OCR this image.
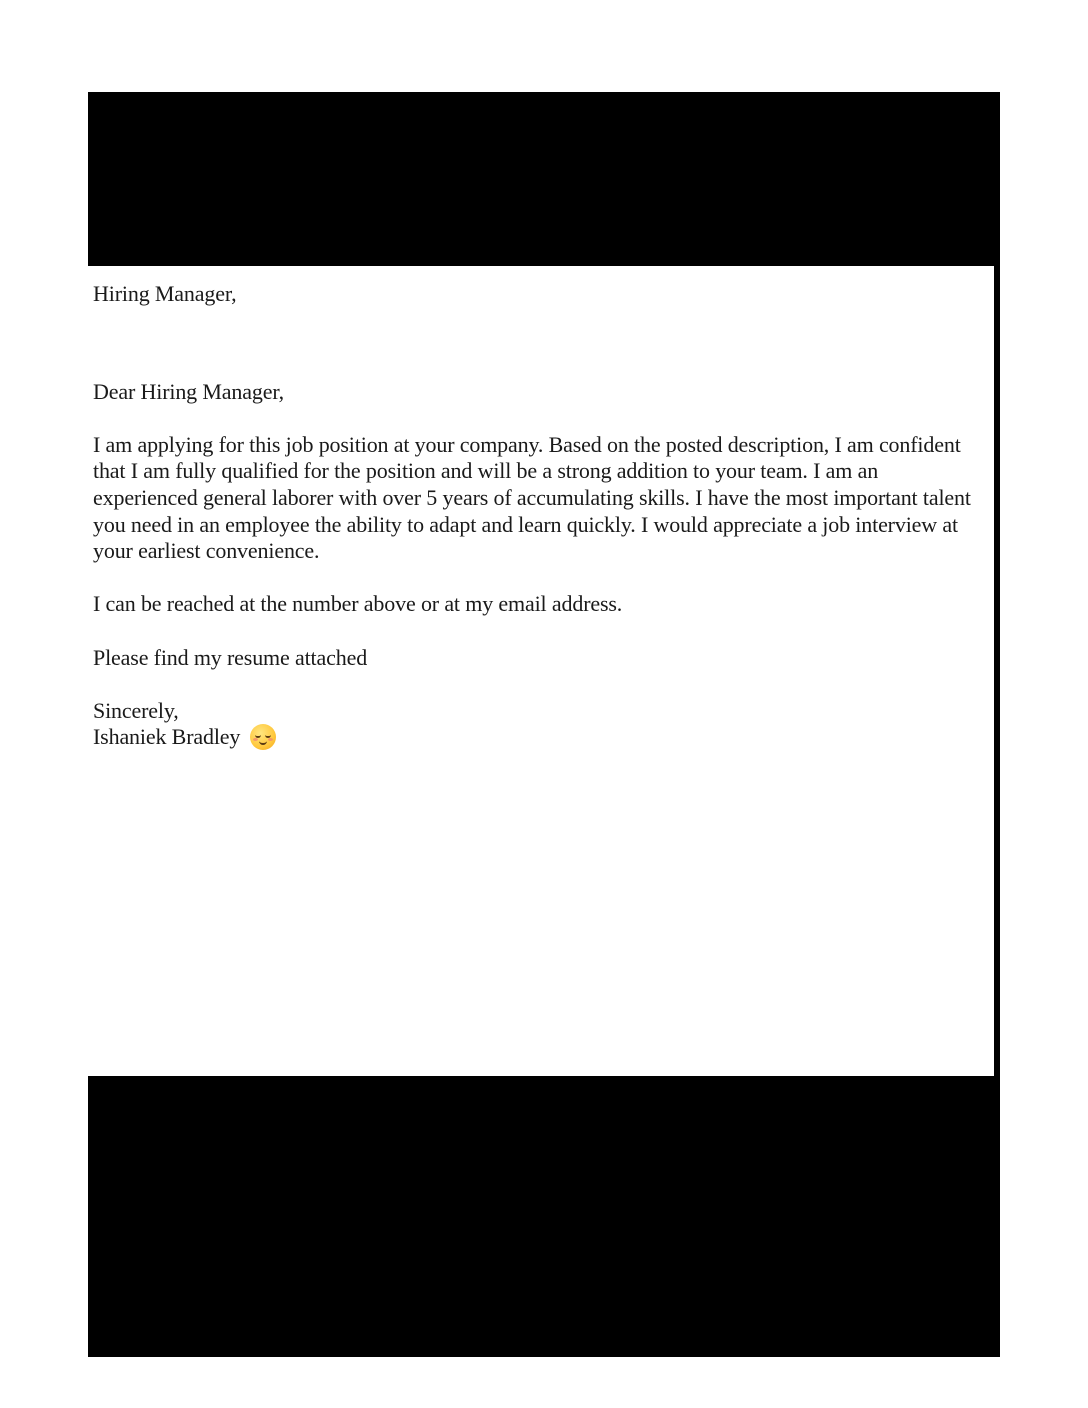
Hiring Manager,

Dear Hiring Manager,

I am applying for this job position at your company. Based on the posted description, I am confident that I am fully qualified for the position and will be a strong addition to your team. I am an experienced general laborer with over 5 years of accumulating skills. I have the most important talent you need in an employee the ability to adapt and learn quickly. I would appreciate a job interview at your earliest convenience.

I can be reached at the number above or at my email address.

Please find my resume attached

Sincerely,

Ishaniek Bradley
